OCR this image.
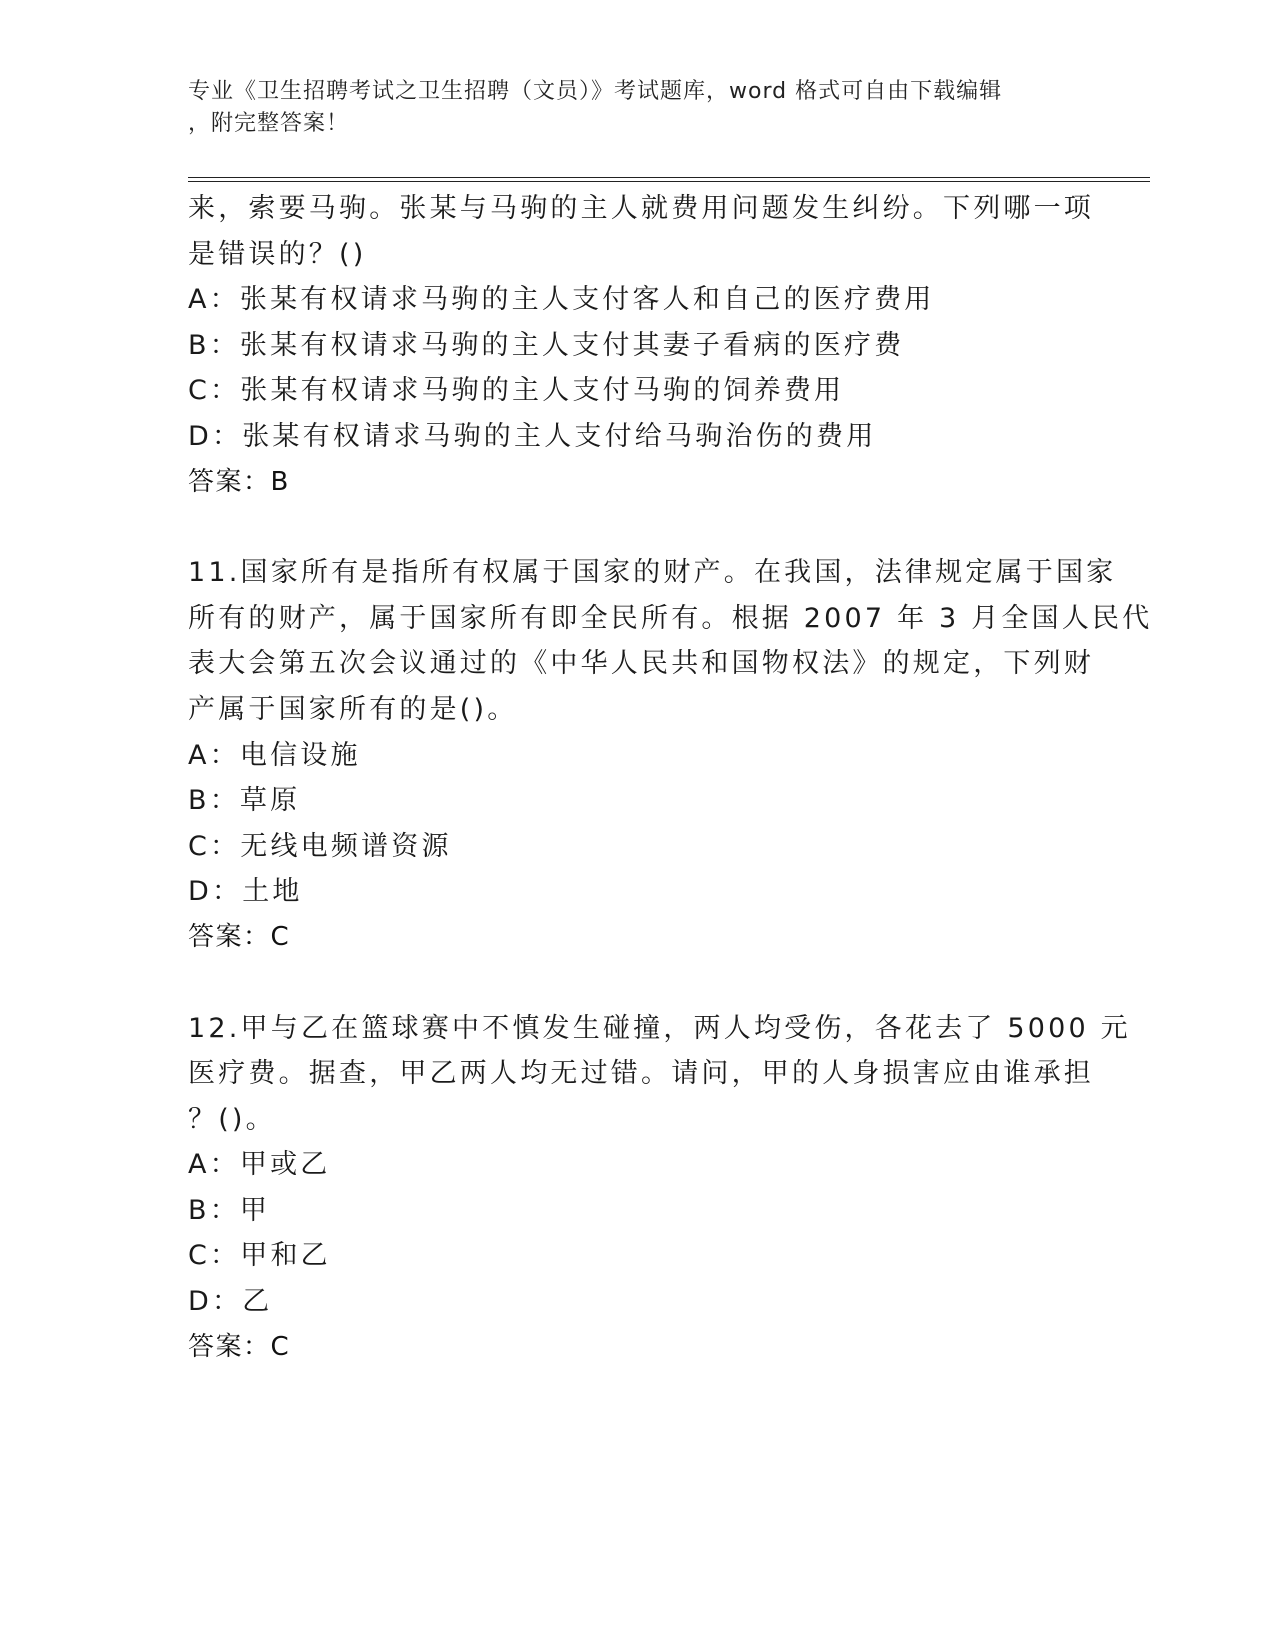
专业《卫生招聘考试之卫生招聘（文员）》考试题库，word 格式可自由下载编辑
，附完整答案！
来，索要马驹。张某与马驹的主人就费用问题发生纠纷。下列哪一项
是错误的？()
A：张某有权请求马驹的主人支付客人和自己的医疗费用
B：张某有权请求马驹的主人支付其妻子看病的医疗费
C：张某有权请求马驹的主人支付马驹的饲养费用
D：张某有权请求马驹的主人支付给马驹治伤的费用
答案：B
11.国家所有是指所有权属于国家的财产。在我国，法律规定属于国家
所有的财产，属于国家所有即全民所有。根据 2007 年 3 月全国人民代
表大会第五次会议通过的《中华人民共和国物权法》的规定，下列财
产属于国家所有的是()。
A：电信设施
B：草原
C：无线电频谱资源
D：土地
答案：C
12.甲与乙在篮球赛中不慎发生碰撞，两人均受伤，各花去了 5000 元
医疗费。据查，甲乙两人均无过错。请问，甲的人身损害应由谁承担
？()。
A：甲或乙
B：甲
C：甲和乙
D：乙
答案：C
